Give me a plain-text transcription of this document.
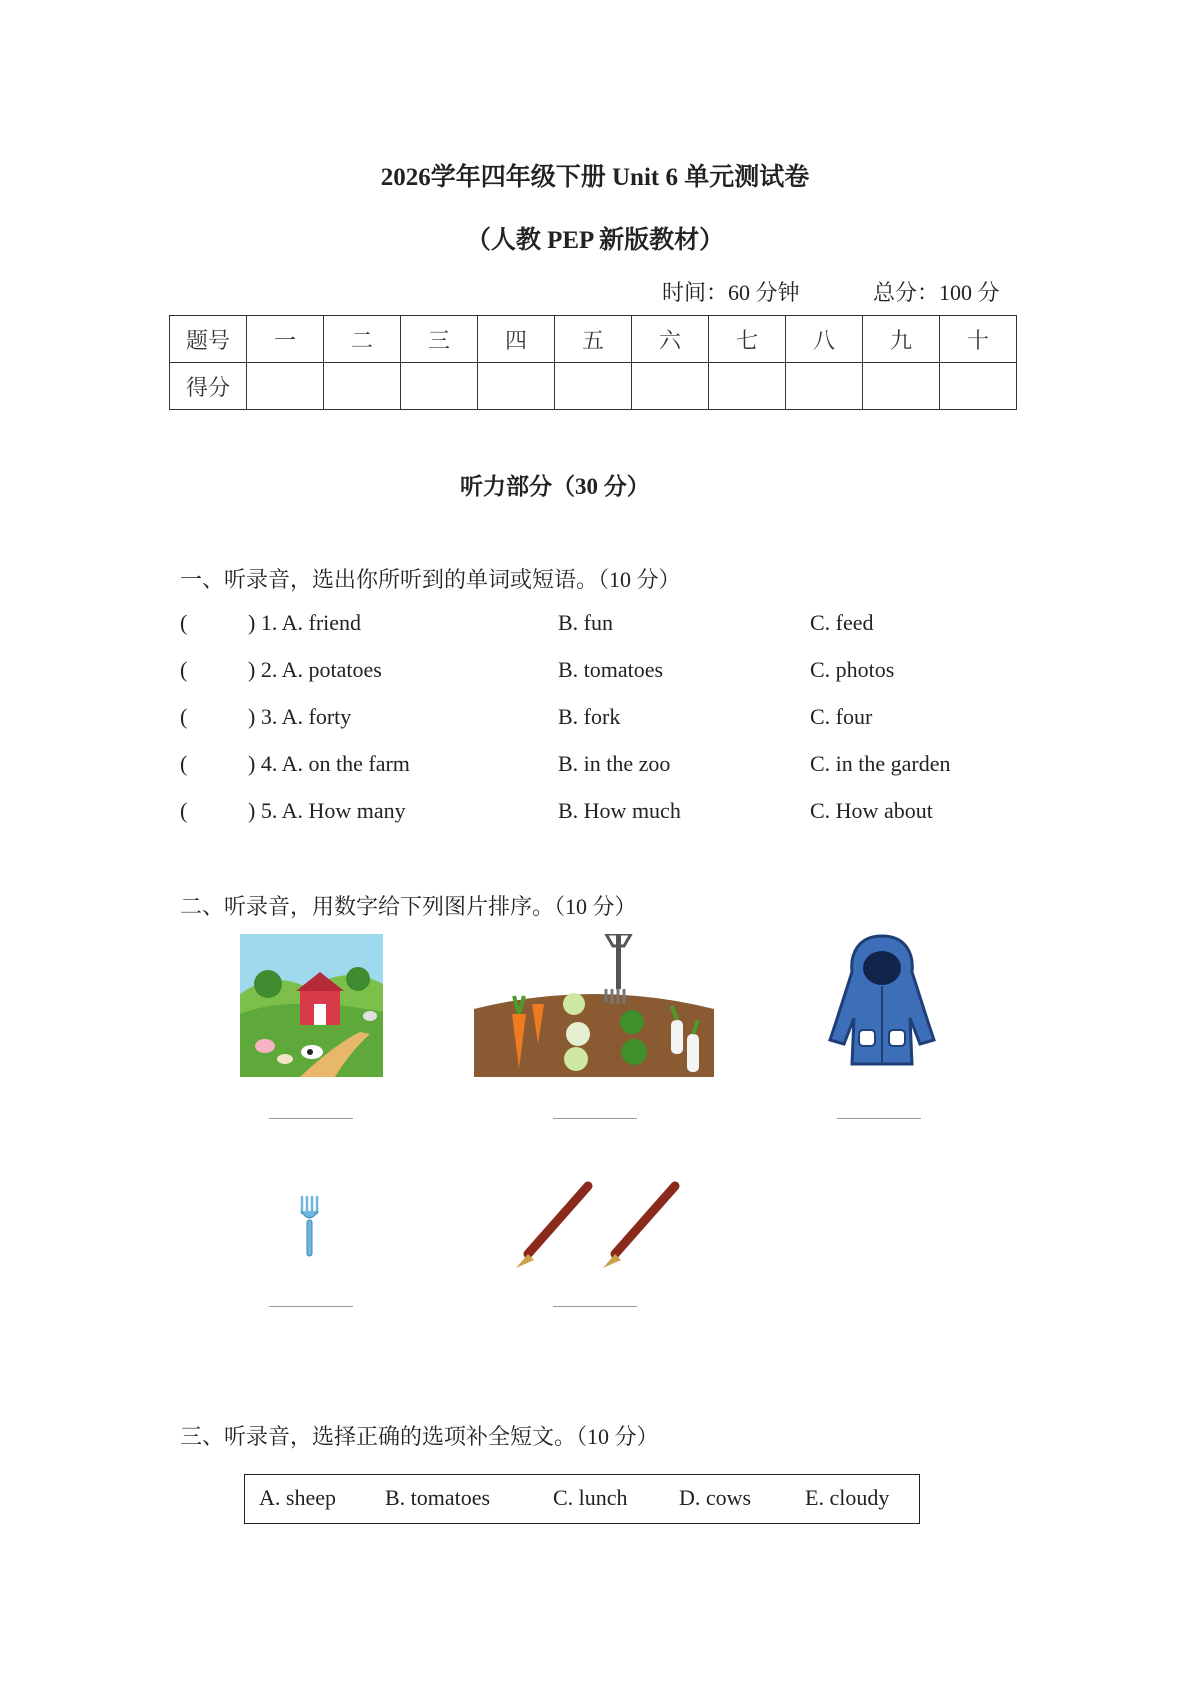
2026学年四年级下册 Unit 6 单元测试卷
（人教 PEP 新版教材）
时间：60 分钟	总分：100 分
题号	一	二	三	四	五	六	七	八	九	十
得分										
听力部分（30 分）
一、听录音，选出你所听到的单词或短语。（10 分）
(	) 1. A. friend	B. fun	C. feed
(	) 2. A. potatoes	B. tomatoes	C. photos
(	) 3. A. forty	B. fork	C. four
(	) 4. A. on the farm	B. in the zoo	C. in the garden
(	) 5. A. How many	B. How much	C. How about
二、听录音，用数字给下列图片排序。（10 分）
三、听录音，选择正确的选项补全短文。（10 分）
A. sheep B. tomatoes	C. lunch D. cows E. cloudy
